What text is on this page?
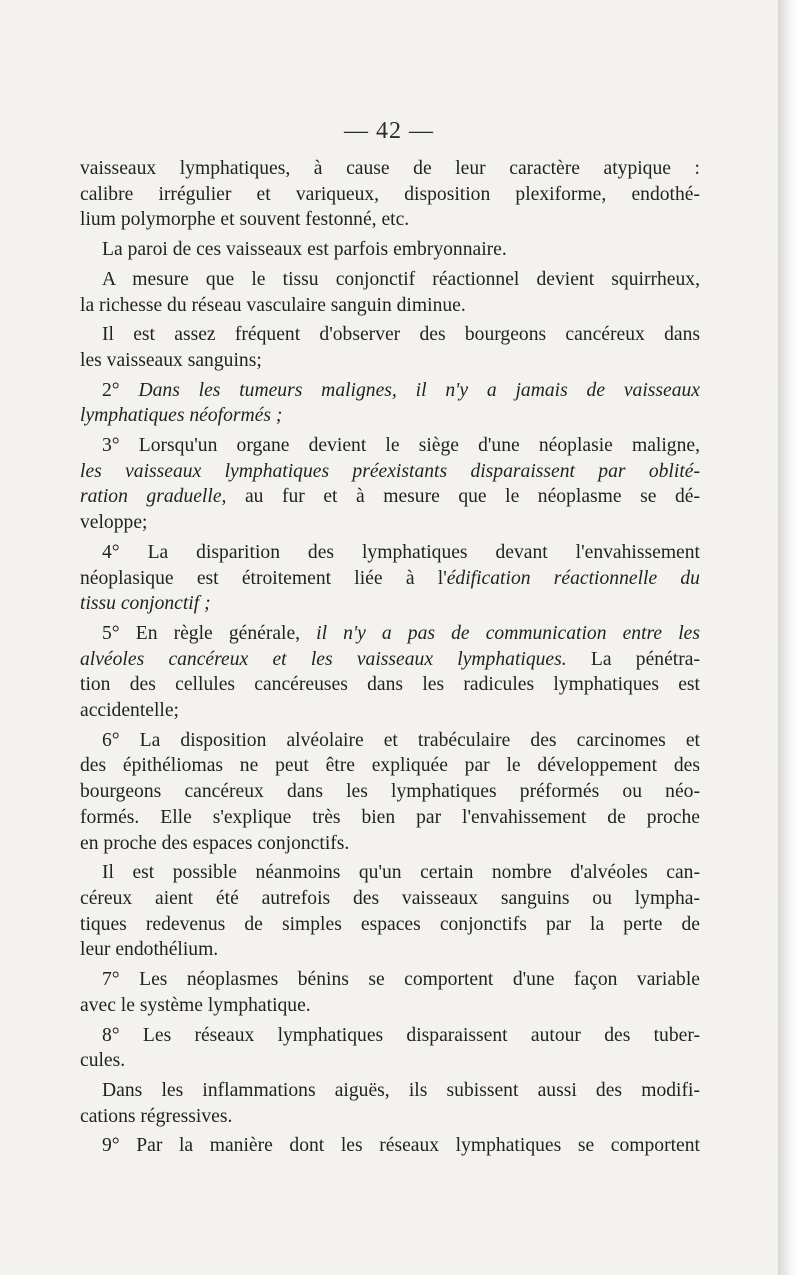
— 42 —

vaisseaux lymphatiques, à cause de leur caractère atypique :

calibre irrégulier et variqueux, disposition plexiforme, endothé-

lium polymorphe et souvent festonné, etc.

La paroi de ces vaisseaux est parfois embryonnaire.

A mesure que le tissu conjonctif réactionnel devient squirrheux,

la richesse du réseau vasculaire sanguin diminue.

Il est assez fréquent d'observer des bourgeons cancéreux dans

les vaisseaux sanguins;

2° Dans les tumeurs malignes, il n'y a jamais de vaisseaux

lymphatiques néoformés ;

3° Lorsqu'un organe devient le siège d'une néoplasie maligne,

les vaisseaux lymphatiques préexistants disparaissent par oblité-

ration graduelle, au fur et à mesure que le néoplasme se dé-

veloppe;

4° La disparition des lymphatiques devant l'envahissement

néoplasique est étroitement liée à l'édification réactionnelle du

tissu conjonctif ;

5° En règle générale, il n'y a pas de communication entre les

alvéoles cancéreux et les vaisseaux lymphatiques. La pénétra-

tion des cellules cancéreuses dans les radicules lymphatiques est

accidentelle;

6° La disposition alvéolaire et trabéculaire des carcinomes et

des épithéliomas ne peut être expliquée par le développement des

bourgeons cancéreux dans les lymphatiques préformés ou néo-

formés. Elle s'explique très bien par l'envahissement de proche

en proche des espaces conjonctifs.

Il est possible néanmoins qu'un certain nombre d'alvéoles can-

céreux aient été autrefois des vaisseaux sanguins ou lympha-

tiques redevenus de simples espaces conjonctifs par la perte de

leur endothélium.

7° Les néoplasmes bénins se comportent d'une façon variable

avec le système lymphatique.

8° Les réseaux lymphatiques disparaissent autour des tuber-

cules.

Dans les inflammations aiguës, ils subissent aussi des modifi-

cations régressives.

9° Par la manière dont les réseaux lymphatiques se comportent
